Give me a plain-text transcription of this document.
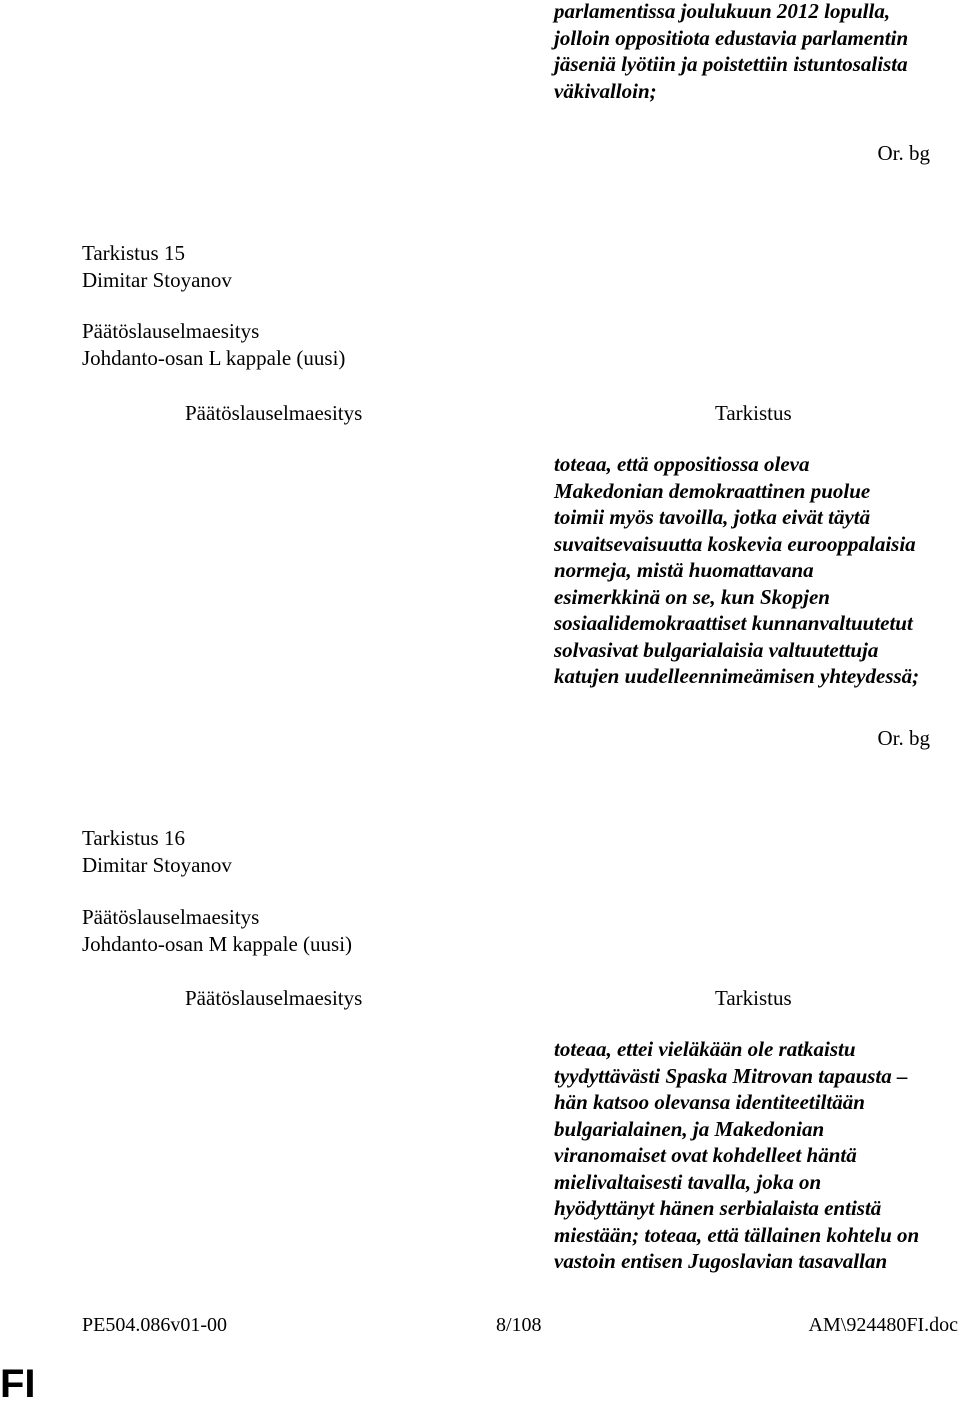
parlamentissa joulukuun 2012 lopulla,
jolloin oppositiota edustavia parlamentin
jäseniä lyötiin ja poistettiin istuntosalista
väkivalloin;
Or. bg
Tarkistus 15
Dimitar Stoyanov
Päätöslauselmaesitys
Johdanto-osan L kappale (uusi)
Päätöslauselmaesitys	Tarkistus
toteaa, että oppositiossa oleva
Makedonian demokraattinen puolue
toimii myös tavoilla, jotka eivät täytä
suvaitsevaisuutta koskevia eurooppalaisia
normeja, mistä huomattavana
esimerkkinä on se, kun Skopjen
sosiaalidemokraattiset kunnanvaltuutetut
solvasivat bulgarialaisia valtuutettuja
katujen uudelleennimeämisen yhteydessä;
Or. bg
Tarkistus 16
Dimitar Stoyanov
Päätöslauselmaesitys
Johdanto-osan M kappale (uusi)
Päätöslauselmaesitys	Tarkistus
toteaa, ettei vieläkään ole ratkaistu
tyydyttävästi Spaska Mitrovan tapausta –
hän katsoo olevansa identiteetiltään
bulgarialainen, ja Makedonian
viranomaiset ovat kohdelleet häntä
mielivaltaisesti tavalla, joka on
hyödyttänyt hänen serbialaista entistä
miestään; toteaa, että tällainen kohtelu on
vastoin entisen Jugoslavian tasavallan
PE504.086v01-00	8/108	AM\924480FI.doc
FI
